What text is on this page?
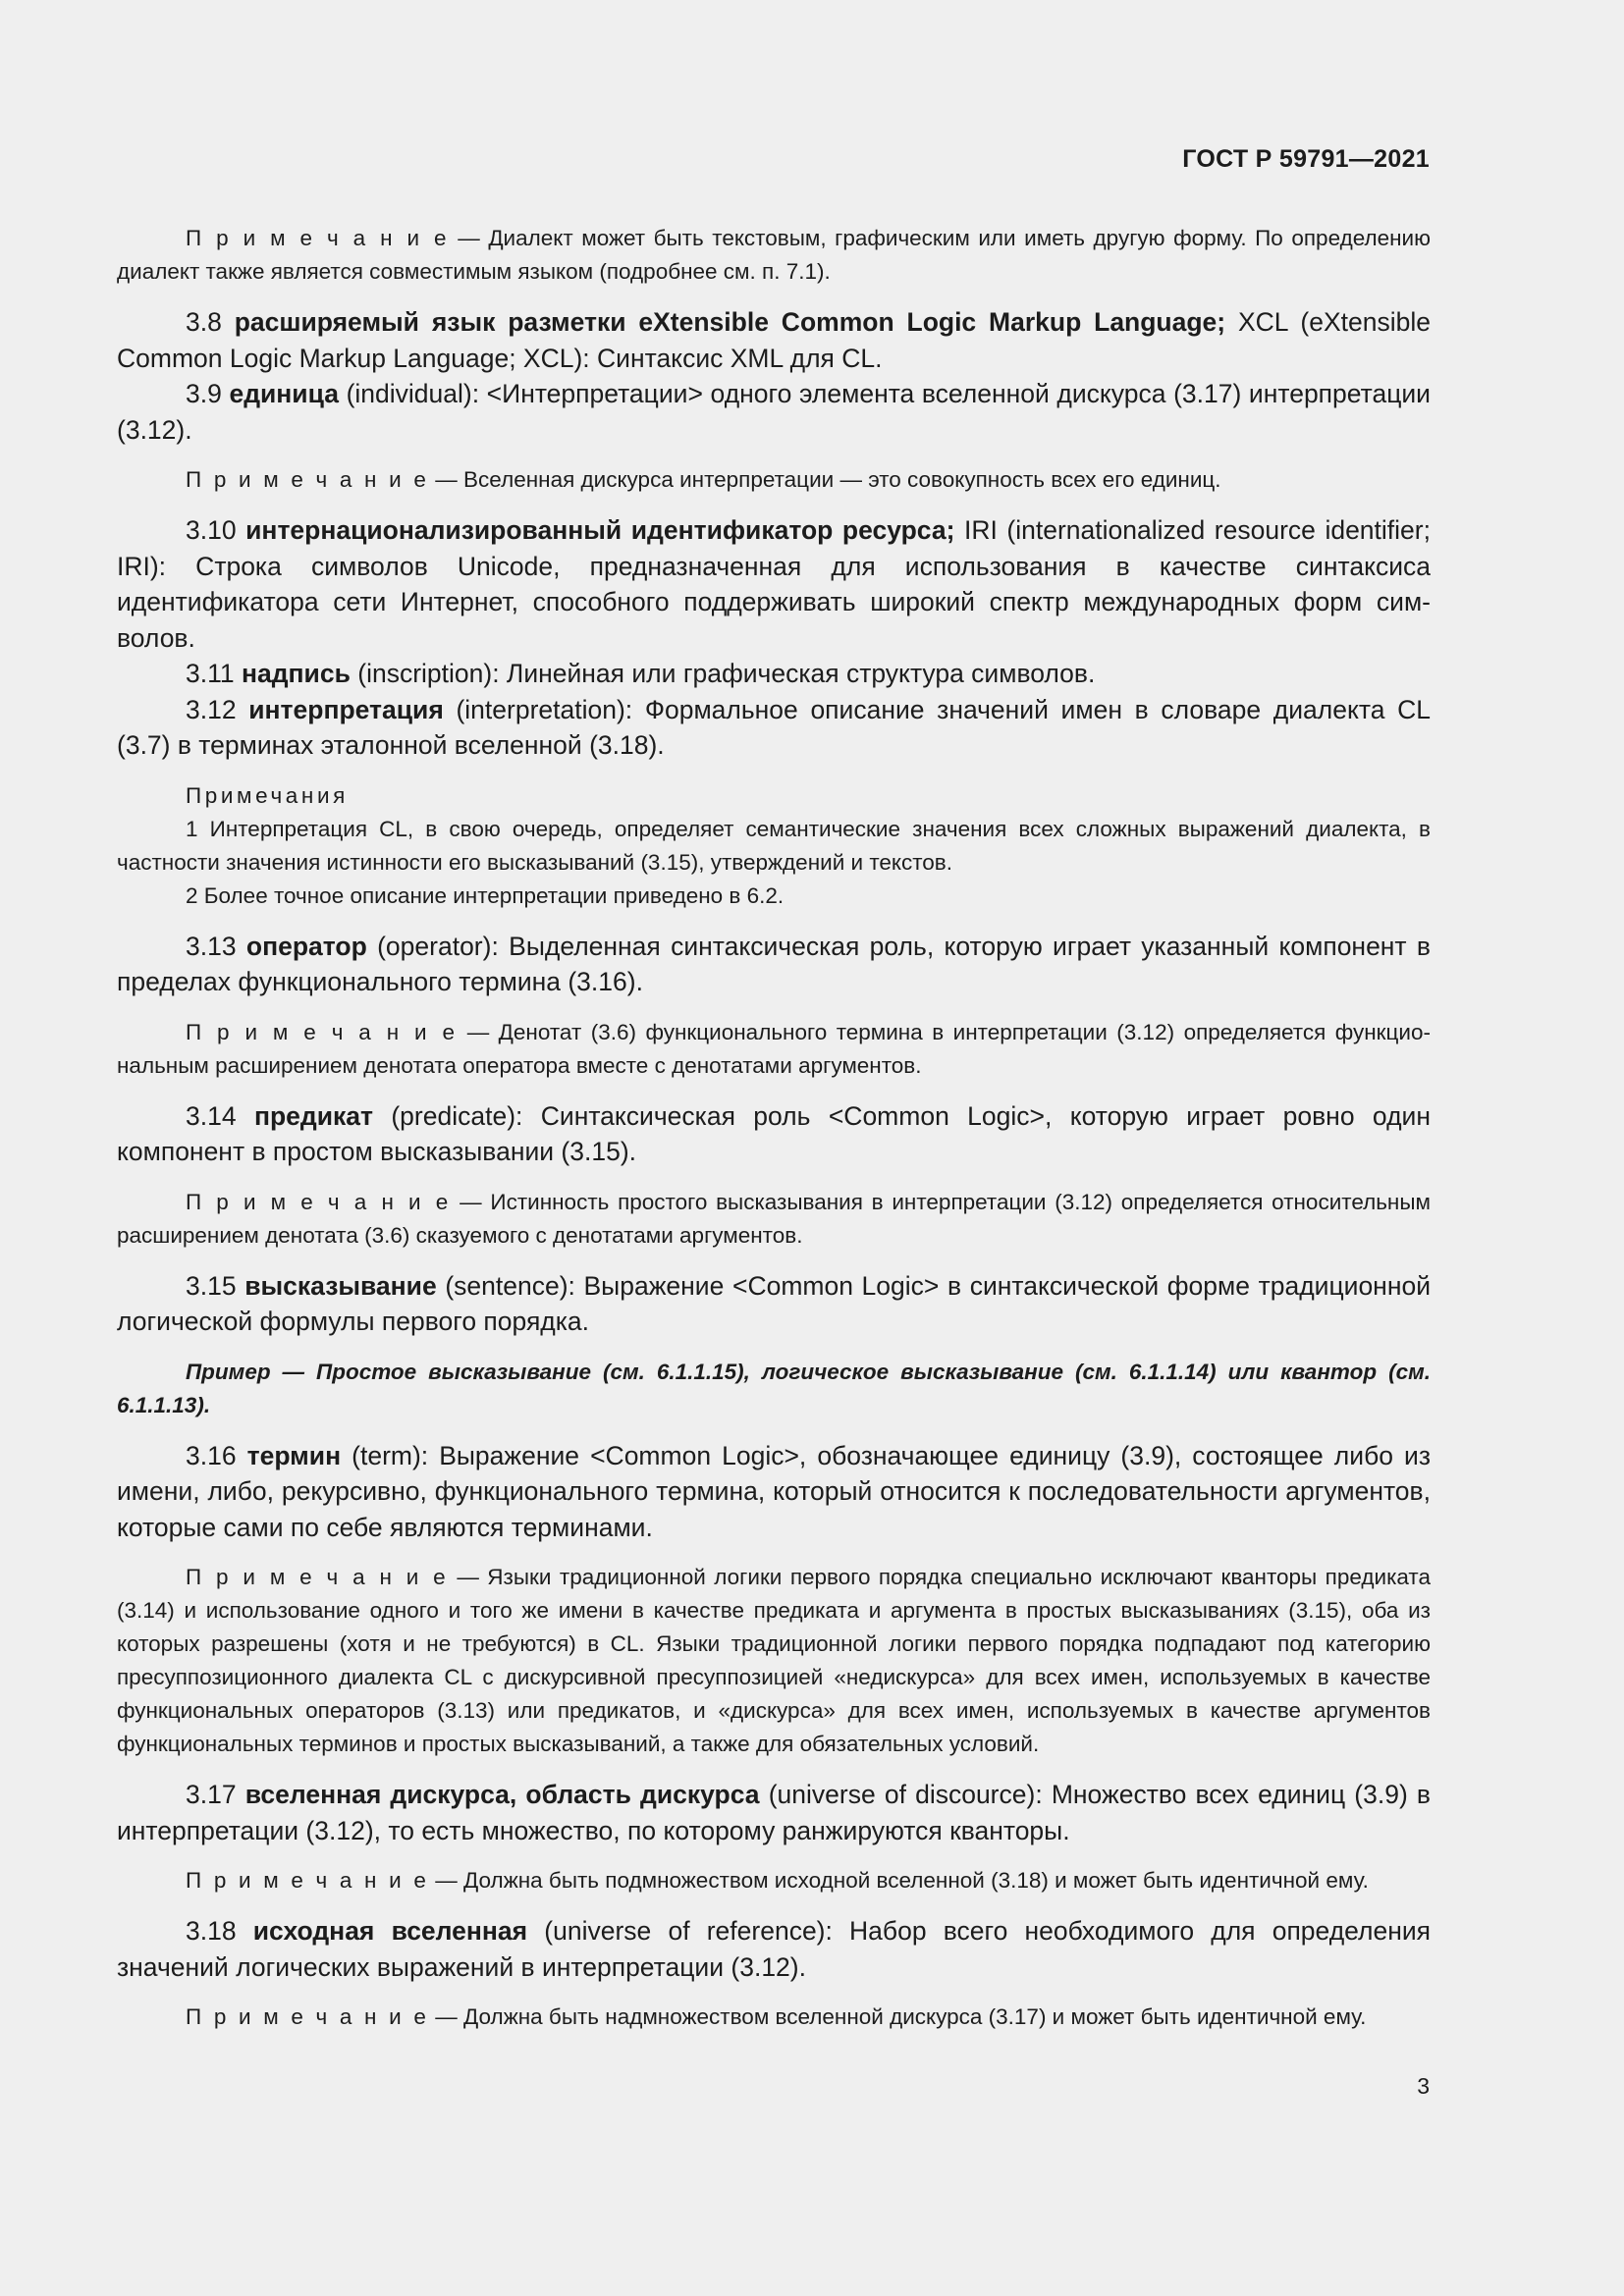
ГОСТ Р 59791—2021

П р и м е ч а н и е — Диалект может быть текстовым, графическим или иметь другую форму. По определению диалект также является совместимым языком (подробнее см. п. 7.1).

3.8 расширяемый язык разметки eXtensible Common Logic Markup Language; XCL (eXtensible Common Logic Markup Language; XCL): Синтаксис XML для CL.

3.9 единица (individual): <Интерпретации> одного элемента вселенной дискурса (3.17) интерпретации (3.12).

П р и м е ч а н и е — Вселенная дискурса интерпретации — это совокупность всех его единиц.

3.10 интернационализированный идентификатор ресурса; IRI (internationalized resource identifier; IRI): Строка символов Unicode, предназначенная для использования в качестве синтаксиса идентификатора сети Интернет, способного поддерживать широкий спектр международных форм символов.

3.11 надпись (inscription): Линейная или графическая структура символов.

3.12 интерпретация (interpretation): Формальное описание значений имен в словаре диалекта CL (3.7) в терминах эталонной вселенной (3.18).

Примечания

1 Интерпретация CL, в свою очередь, определяет семантические значения всех сложных выражений диалекта, в частности значения истинности его высказываний (3.15), утверждений и текстов.

2 Более точное описание интерпретации приведено в 6.2.

3.13 оператор (operator): Выделенная синтаксическая роль, которую играет указанный компонент в пределах функционального термина (3.16).

П р и м е ч а н и е — Денотат (3.6) функционального термина в интерпретации (3.12) определяется функциональным расширением денотата оператора вместе с денотатами аргументов.

3.14 предикат (predicate): Синтаксическая роль <Common Logic>, которую играет ровно один компонент в простом высказывании (3.15).

П р и м е ч а н и е — Истинность простого высказывания в интерпретации (3.12) определяется относительным расширением денотата (3.6) сказуемого с денотатами аргументов.

3.15 высказывание (sentence): Выражение <Common Logic> в синтаксической форме традиционной логической формулы первого порядка.

Пример — Простое высказывание (см. 6.1.1.15), логическое высказывание (см. 6.1.1.14) или квантор (см. 6.1.1.13).

3.16 термин (term): Выражение <Common Logic>, обозначающее единицу (3.9), состоящее либо из имени, либо, рекурсивно, функционального термина, который относится к последовательности аргументов, которые сами по себе являются терминами.

П р и м е ч а н и е — Языки традиционной логики первого порядка специально исключают кванторы предиката (3.14) и использование одного и того же имени в качестве предиката и аргумента в простых высказываниях (3.15), оба из которых разрешены (хотя и не требуются) в CL. Языки традиционной логики первого порядка подпадают под категорию пресуппозиционного диалекта CL с дискурсивной пресуппозицией «недискурса» для всех имен, используемых в качестве функциональных операторов (3.13) или предикатов, и «дискурса» для всех имен, используемых в качестве аргументов функциональных терминов и простых высказываний, а также для обязательных условий.

3.17 вселенная дискурса, область дискурса (universe of discource): Множество всех единиц (3.9) в интерпретации (3.12), то есть множество, по которому ранжируются кванторы.

П р и м е ч а н и е — Должна быть подмножеством исходной вселенной (3.18) и может быть идентичной ему.

3.18 исходная вселенная (universe of reference): Набор всего необходимого для определения значений логических выражений в интерпретации (3.12).

П р и м е ч а н и е — Должна быть надмножеством вселенной дискурса (3.17) и может быть идентичной ему.

3
